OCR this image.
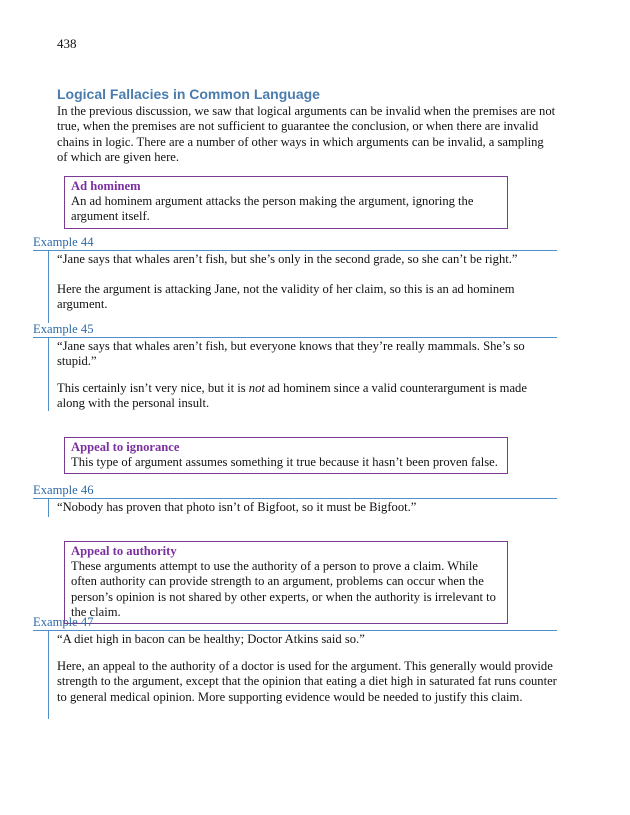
438
Logical Fallacies in Common Language

In the previous discussion, we saw that logical arguments can be invalid when the premises are not true, when the premises are not sufficient to guarantee the conclusion, or when there are invalid chains in logic. There are a number of other ways in which arguments can be invalid, a sampling of which are given here.

Ad hominem
An ad hominem argument attacks the person making the argument, ignoring the argument itself.
Example 44

“Jane says that whales aren’t fish, but she’s only in the second grade, so she can’t be right.”

Here the argument is attacking Jane, not the validity of her claim, so this is an ad hominem argument.

Example 45

“Jane says that whales aren’t fish, but everyone knows that they’re really mammals. She’s so stupid.”

This certainly isn’t very nice, but it is not ad hominem since a valid counterargument is made along with the personal insult.

Appeal to ignorance
This type of argument assumes something it true because it hasn’t been proven false.
Example 46

“Nobody has proven that photo isn’t of Bigfoot, so it must be Bigfoot.”

Appeal to authority
These arguments attempt to use the authority of a person to prove a claim. While often authority can provide strength to an argument, problems can occur when the person’s opinion is not shared by other experts, or when the authority is irrelevant to the claim.
Example 47

“A diet high in bacon can be healthy; Doctor Atkins said so.”

Here, an appeal to the authority of a doctor is used for the argument. This generally would provide strength to the argument, except that the opinion that eating a diet high in saturated fat runs counter to general medical opinion. More supporting evidence would be needed to justify this claim.
